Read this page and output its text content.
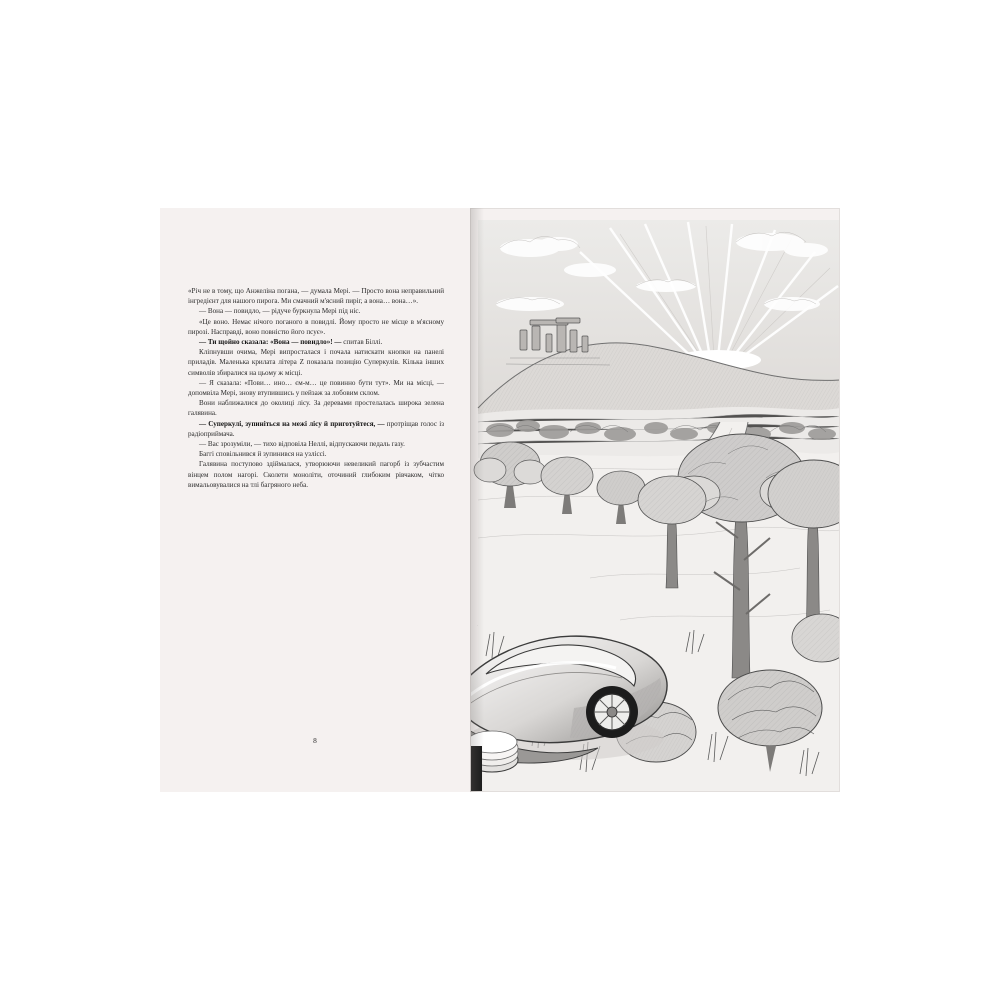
«Річ не в тому, що Анжеліна погана, — думала Мері. — Просто вона неправильний інгредієнт для нашого пирога. Ми смачний м'ясний пиріг, а вона… вона…».

— Вона — повидло, — рідуче буркнула Мері під ніс.

«Це воно. Немає нічого поганого в повидлі. Йому просто не місце в м'ясному пирозі. Насправді, воно повністю його псує».

— Ти щойно сказала: «Вона — повидло»! — спитав Біллі.

Кліпнувши очима, Мері випросталася і почала натискати кнопки на панелі приладів. Маленька крилата літера Z показала позицію Суперкулів. Кілька інших символів збиралися на цьому ж місці.

— Я сказала: «Пови… ино… єм-м… це повинно бути тут». Ми на місці, — допомвіла Мері, знову втупившись у пейзаж за лобовим склом.

Вони наближалися до околиці лісу. За деревами простелалась широка зелена галявина.

— Суперкулі, зупиніться на межі лісу й приготуйтеся, — протріщав голос із радіоприймача.

— Вас зрозуміли, — тихо відповіла Неллі, відпускаючи педаль газу.

Баггі сповільнився й зупинився на узліссі.

Галявина поступово здіймалася, утворюючи невеликий пагорб із зубчастим вінцем полом нагорі. Сколети моноліти, оточиний глибоким рівчаком, чітко вимальовувалися на тлі багряного неба.

8
